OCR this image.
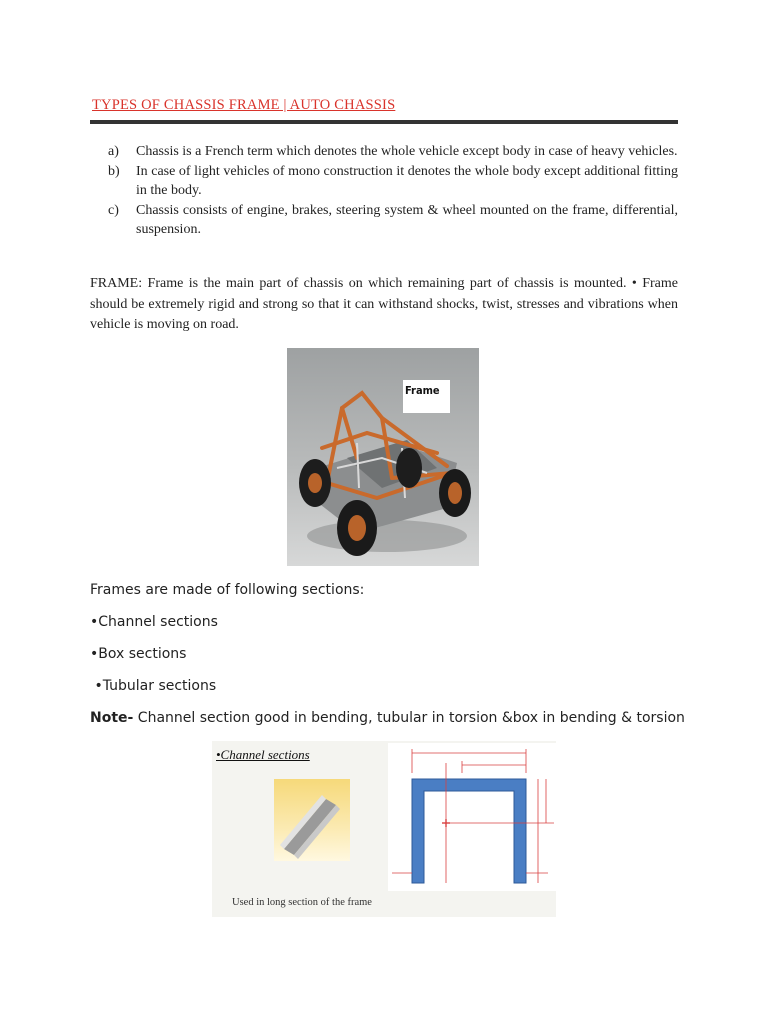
TYPES OF CHASSIS FRAME | AUTO CHASSIS
a)	Chassis is a French term which denotes the whole vehicle except body in case of heavy vehicles.
b)	In case of light vehicles of mono construction it denotes the whole body except additional fitting in the body.
c)	Chassis consists of engine, brakes, steering system & wheel mounted on the frame, differential, suspension.
FRAME: Frame is the main part of chassis on which remaining part of chassis is mounted. • Frame should be extremely rigid and strong so that it can withstand shocks, twist, stresses and vibrations when vehicle is moving on road.
Frame
Frames are made of following sections:
•Channel sections
•Box sections
•Tubular sections
Note- Channel section good in bending, tubular in torsion &box in bending & torsion
•Channel sections
Used in long section of the frame
